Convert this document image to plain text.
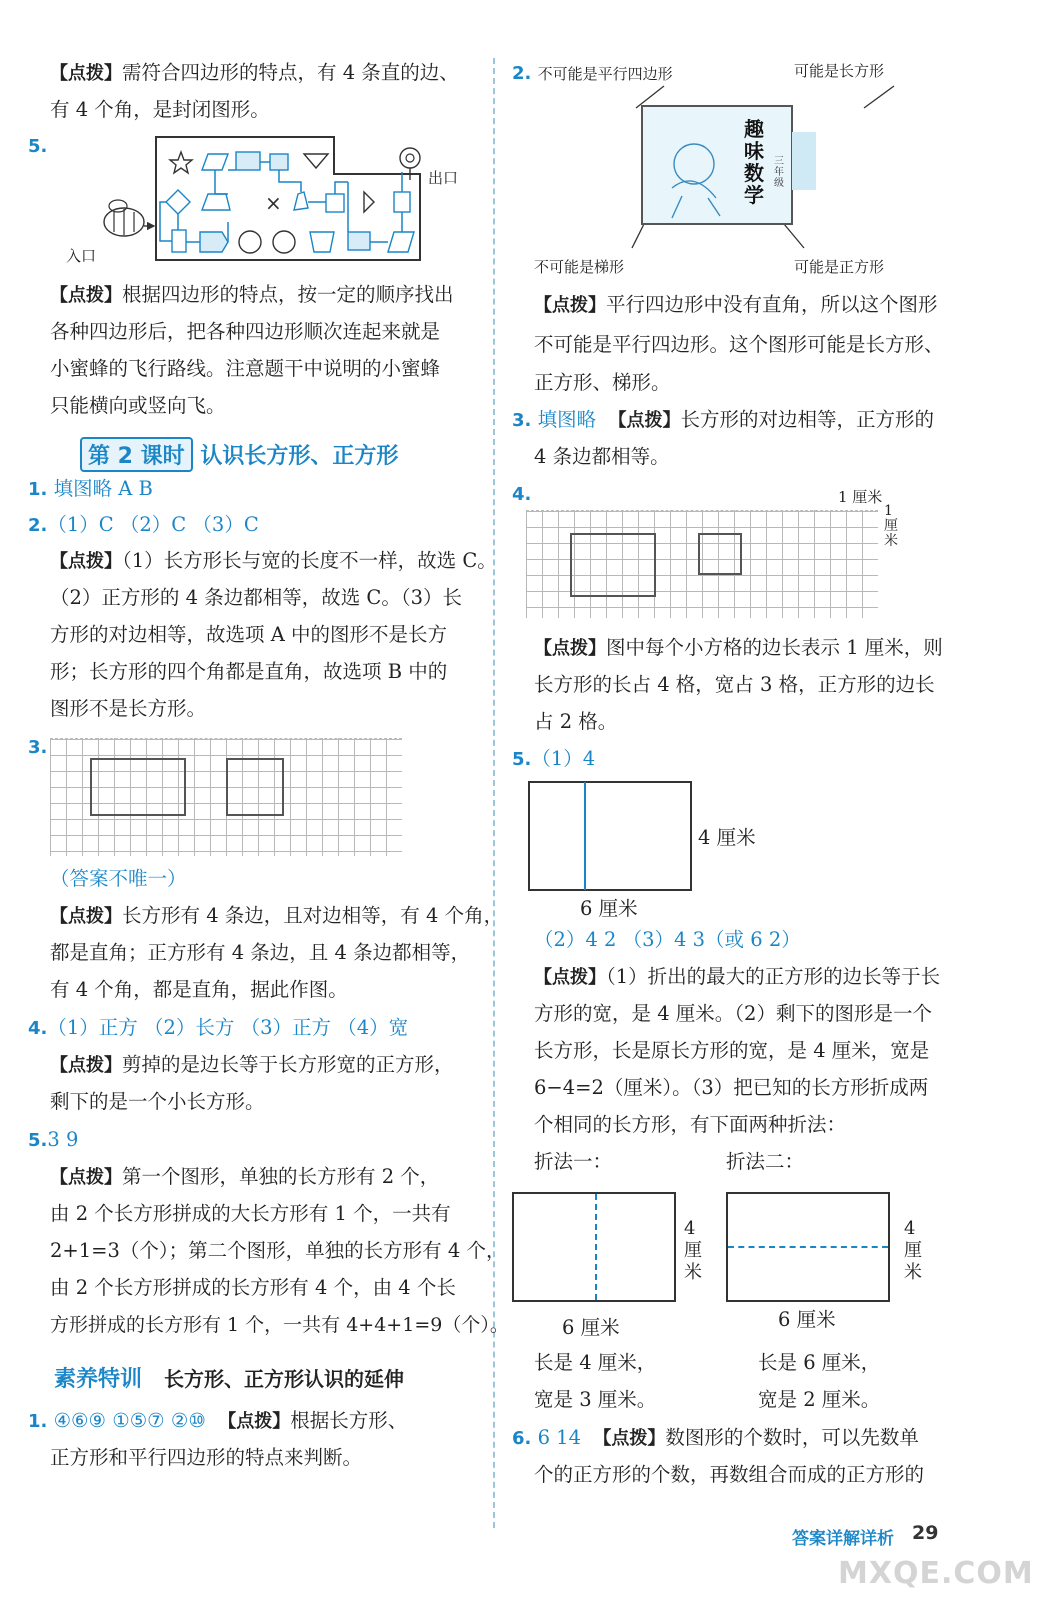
【点拨】需符合四边形的特点，有 4 条直的边、
有 4 个角，是封闭图形。
5.
×
出口
入口
【点拨】根据四边形的特点，按一定的顺序找出
各种四边形后，把各种四边形顺次连起来就是
小蜜蜂的飞行路线。注意题干中说明的小蜜蜂
只能横向或竖向飞。
第 2 课时 认识长方形、正方形
1. 填图略 A B
2.（1）C （2）C （3）C
【点拨】（1）长方形长与宽的长度不一样，故选 C。
（2）正方形的 4 条边都相等，故选 C。（3）长
方形的对边相等，故选项 A 中的图形不是长方
形；长方形的四个角都是直角，故选项 B 中的
图形不是长方形。
3.
（答案不唯一）
【点拨】长方形有 4 条边，且对边相等，有 4 个角，
都是直角；正方形有 4 条边，且 4 条边都相等，
有 4 个角，都是直角，据此作图。
4.（1）正方 （2）长方 （3）正方 （4）宽
【点拨】剪掉的是边长等于长方形宽的正方形，
剩下的是一个小长方形。
5.3 9
【点拨】第一个图形，单独的长方形有 2 个，
由 2 个长方形拼成的大长方形有 1 个，一共有
2+1=3（个）；第二个图形，单独的长方形有 4 个，
由 2 个长方形拼成的长方形有 4 个，由 4 个长
方形拼成的长方形有 1 个，一共有 4+4+1=9（个）。
素养特训 长方形、正方形认识的延伸
1. ④⑥⑨ ①⑤⑦ ②⑩ 【点拨】根据长方形、
正方形和平行四边形的特点来判断。
2. 不可能是平行四边形	可能是长方形
趣味数学
三年级
不可能是梯形	可能是正方形
【点拨】平行四边形中没有直角，所以这个图形
不可能是平行四边形。这个图形可能是长方形、
正方形、梯形。
3. 填图略 【点拨】长方形的对边相等，正方形的
4 条边都相等。
4.	1 厘米
1 厘米
【点拨】图中每个小方格的边长表示 1 厘米，则
长方形的长占 4 格，宽占 3 格，正方形的边长
占 2 格。
5.（1）4
4 厘米
6 厘米
（2）4 2 （3）4 3（或 6 2）
【点拨】（1）折出的最大的正方形的边长等于长
方形的宽，是 4 厘米。（2）剩下的图形是一个
长方形，长是原长方形的宽，是 4 厘米，宽是
6−4=2（厘米）。（3）把已知的长方形折成两
个相同的长方形，有下面两种折法：
折法一：	折法二：
4厘米
6 厘米
4厘米
6 厘米
长是 4 厘米，
宽是 3 厘米。
长是 6 厘米，
宽是 2 厘米。
6. 6 14 【点拨】数图形的个数时，可以先数单
个的正方形的个数，再数组合而成的正方形的
答案详解详析 29
MXQE.COM
